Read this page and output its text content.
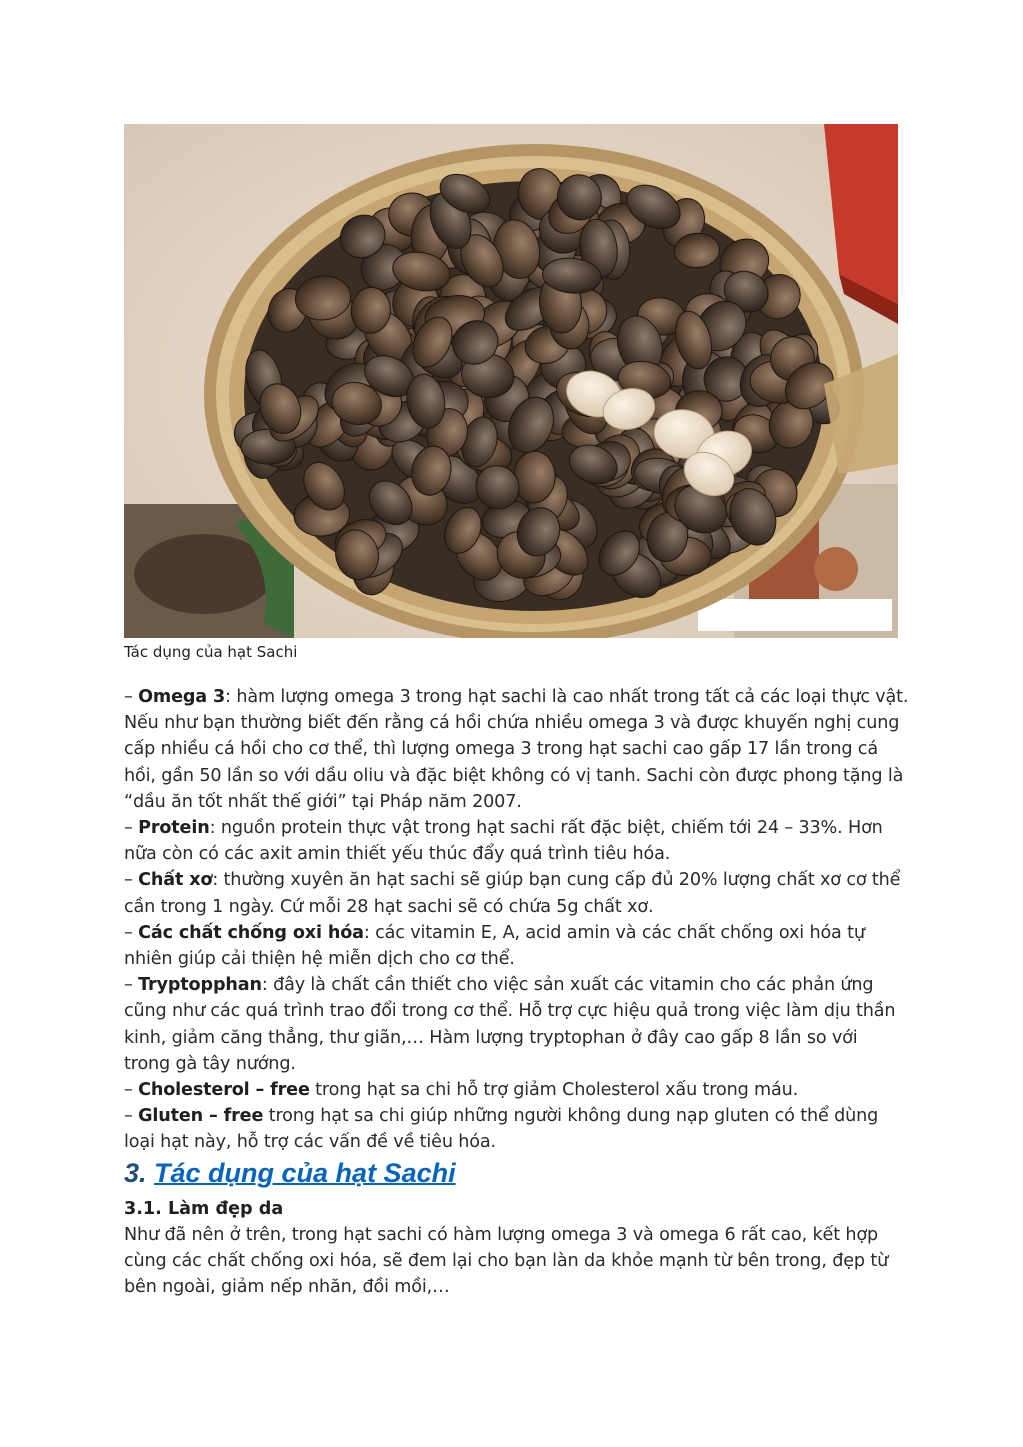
Tác dụng của hạt Sachi

– Omega 3: hàm lượng omega 3 trong hạt sachi là cao nhất trong tất cả các loại thực vật. Nếu như bạn thường biết đến rằng cá hồi chứa nhiều omega 3 và được khuyến nghị cung cấp nhiều cá hồi cho cơ thể, thì lượng omega 3 trong hạt sachi cao gấp 17 lần trong cá hồi, gần 50 lần so với dầu oliu và đặc biệt không có vị tanh. Sachi còn được phong tặng là “dầu ăn tốt nhất thế giới” tại Pháp năm 2007.

– Protein: nguồn protein thực vật trong hạt sachi rất đặc biệt, chiếm tới 24 – 33%. Hơn nữa còn có các axit amin thiết yếu thúc đẩy quá trình tiêu hóa.

– Chất xơ: thường xuyên ăn hạt sachi sẽ giúp bạn cung cấp đủ 20% lượng chất xơ cơ thể cần trong 1 ngày. Cứ mỗi 28 hạt sachi sẽ có chứa 5g chất xơ.

– Các chất chống oxi hóa: các vitamin E, A, acid amin và các chất chống oxi hóa tự nhiên giúp cải thiện hệ miễn dịch cho cơ thể.

– Tryptopphan: đây là chất cần thiết cho việc sản xuất các vitamin cho các phản ứng cũng như các quá trình trao đổi trong cơ thể. Hỗ trợ cực hiệu quả trong việc làm dịu thần kinh, giảm căng thẳng, thư giãn,… Hàm lượng tryptophan ở đây cao gấp 8 lần so với trong gà tây nướng.

– Cholesterol – free trong hạt sa chi hỗ trợ giảm Cholesterol xấu trong máu.

– Gluten – free trong hạt sa chi giúp những người không dung nạp gluten có thể dùng loại hạt này, hỗ trợ các vấn đề về tiêu hóa.

3. Tác dụng của hạt Sachi
3.1. Làm đẹp da
Như đã nên ở trên, trong hạt sachi có hàm lượng omega 3 và omega 6 rất cao, kết hợp cùng các chất chống oxi hóa, sẽ đem lại cho bạn làn da khỏe mạnh từ bên trong, đẹp từ bên ngoài, giảm nếp nhăn, đồi mồi,…
